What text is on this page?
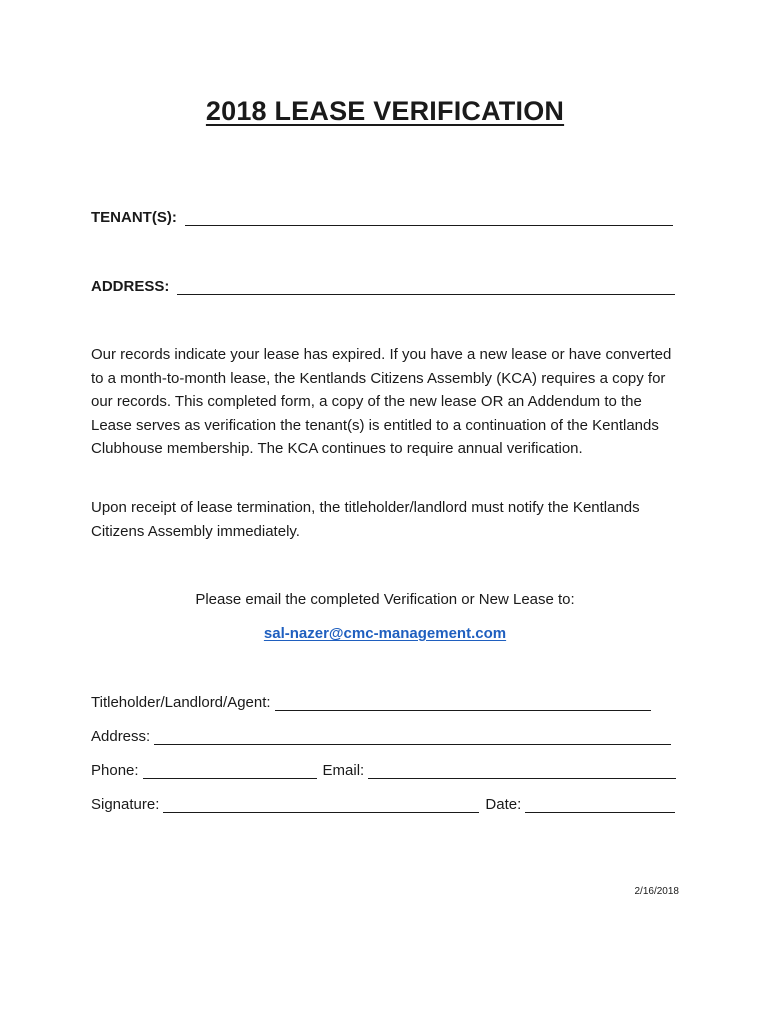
2018 LEASE VERIFICATION
TENANT(S):
ADDRESS:

Our records indicate your lease has expired. If you have a new lease or have converted to a month-to-month lease, the Kentlands Citizens Assembly (KCA) requires a copy for our records. This completed form, a copy of the new lease OR an Addendum to the Lease serves as verification the tenant(s) is entitled to a continuation of the Kentlands Clubhouse membership. The KCA continues to require annual verification.

Upon receipt of lease termination, the titleholder/landlord must notify the Kentlands Citizens Assembly immediately.

Please email the completed Verification or New Lease to:

sal-nazer@cmc-management.com

Titleholder/Landlord/Agent:
Address:
Phone:	Email:
Signature:	Date:

2/16/2018
